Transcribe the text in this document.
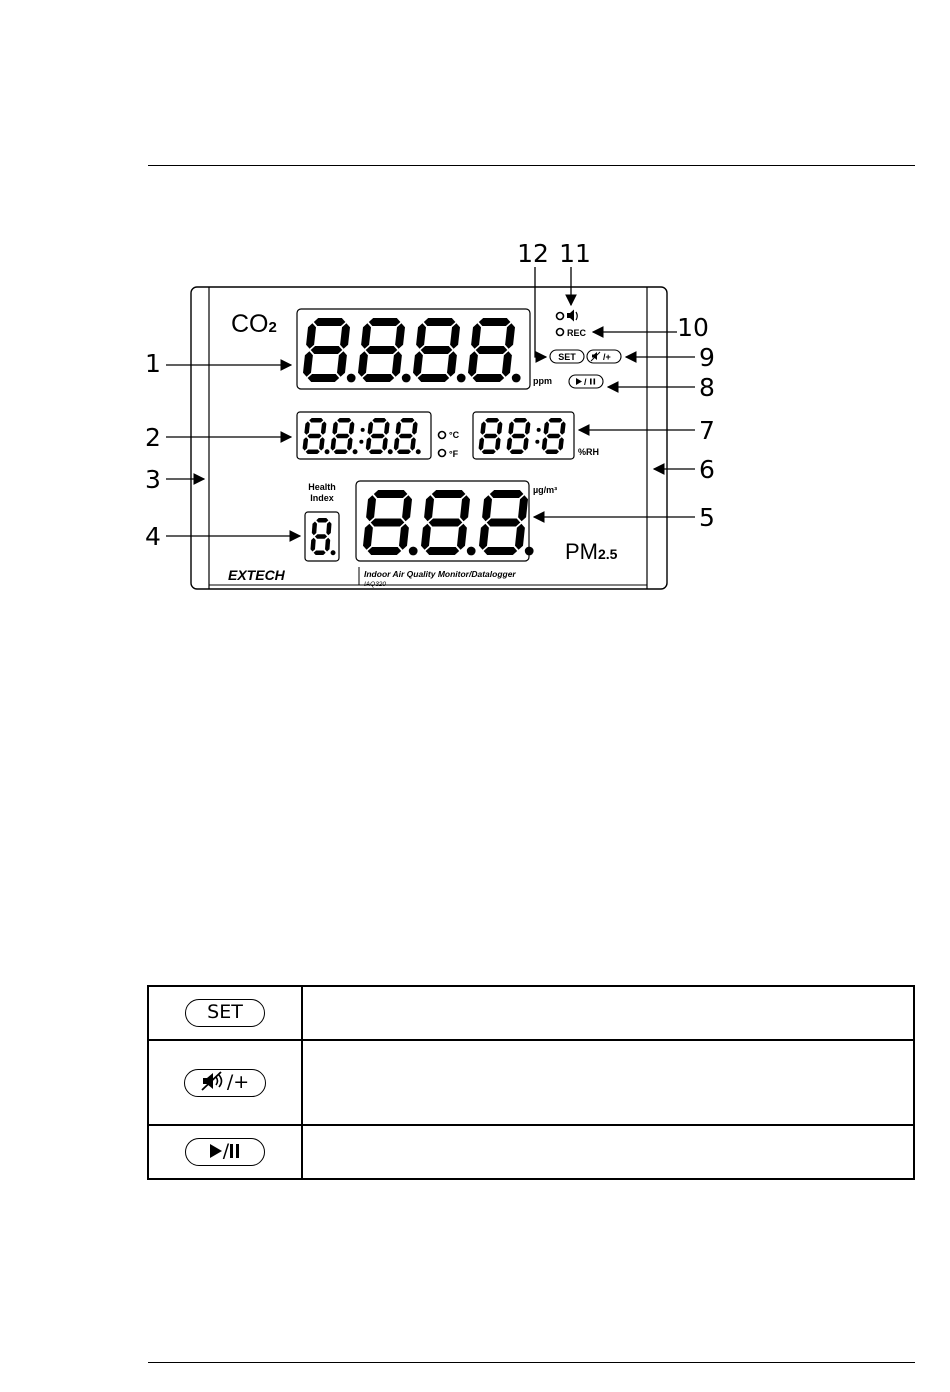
CO2
ppm
°C
°F	%RH
Health
Index
µg/m³
PM2.5
EXTECH	Indoor Air Quality Monitor/Datalogger
IAQ320
REC
SET	/+
/
1
2
3
4
5
6
7
8
9
10
11
12
SET	
/+	
/	
